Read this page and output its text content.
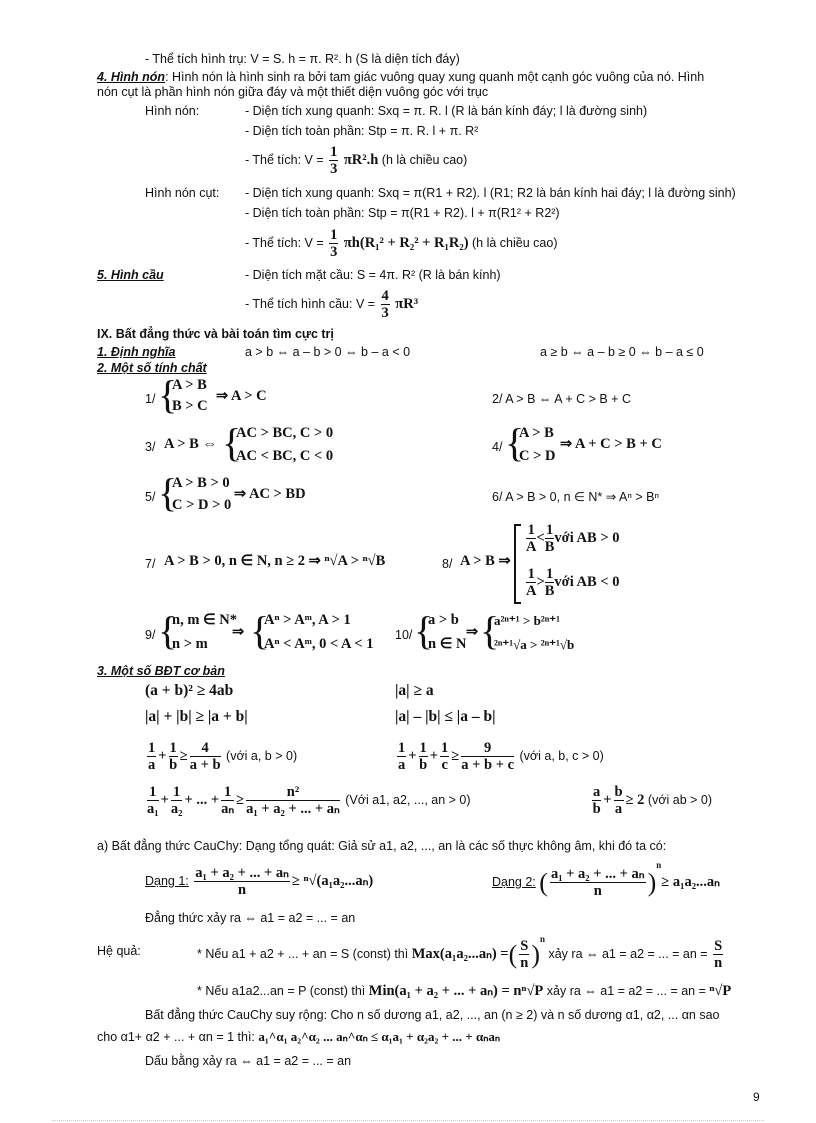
- Thể tích hình trụ: V = S. h = π. R². h (S là diện tích đáy)
4. Hình nón: Hình nón là hình sinh ra bởi tam giác vuông quay xung quanh một cạnh góc vuông của nó. Hình
nón cụt là phần hình nón giữa đáy và một thiết diện vuông góc với trục
Hình nón:	- Diện tích xung quanh: Sxq = π. R. l (R là bán kính đáy; l là đường sinh)
- Diện tích toàn phần: Stp = π. R. l + π. R²
- Thể tích: $V = \frac{1}{3} \pi R^2.h$ (h là chiều cao)
Hình nón cụt: - Diện tích xung quanh: Sxq = π(R1 + R2). l (R1; R2 là bán kính hai đáy; l là đường sinh)
- Diện tích toàn phần: Stp = π(R1 + R2). l + π(R1² + R2²)
- Thể tích: $V = \frac{1}{3} \pi h(R_1^2 + R_2^2 + R_1R_2)$ (h là chiều cao)
5. Hình cầu	- Diện tích mặt cầu: S = 4π. R² (R là bán kính)
- Thể tích hình cầu: $V = \frac{4}{3} \pi R^3$
IX. Bất đẳng thức và bài toán tìm cực trị
1. Định nghĩa	a > b ⇔ a – b > 0 ⇔ b – a < 0	a ≥ b ⇔ a – b ≥ 0 ⇔ b – a ≤ 0
2. Một số tính chất
1/ {
A > B
B > C
⇒ A > C	2/ A > B ⇔ A + C > B + C
3/ A > B ⇔ {
AC > BC, C > 0
AC < BC, C < 0
4/ {
A > B
C > D
⇒ A + C > B + C
5/ {
A > B > 0
C > D > 0
⇒ AC > BD	6/ A > B > 0, n ∈ N* ⇒ Aⁿ > Bⁿ
7/ A > B > 0, n ∈ N, n ≥ 2 ⇒ ⁿ√A > ⁿ√B	8/ A > B ⇒
$\frac{1}{A} < \frac{1}{B}$ với AB > 0
$\frac{1}{A} > \frac{1}{B}$ với AB < 0
9/ {
n, m ∈ N*
n > m
⇒ {
Aⁿ > Aᵐ, A > 1
Aⁿ < Aᵐ, 0 < A < 1
10/ {
a > b
n ∈ N
⇒ {
a²ⁿ⁺¹ > b²ⁿ⁺¹
²ⁿ⁺¹√a > ²ⁿ⁺¹√b
3. Một số BĐT cơ bản
(a + b)² ≥ 4ab	|a| ≥ a
|a| + |b| ≥ |a + b|	|a| – |b| ≤ |a – b|
$\frac{1}{a} + \frac{1}{b} \ge \frac{4}{a + b}$ (với a, b > 0)	$\frac{1}{a} + \frac{1}{b} + \frac{1}{c} \ge \frac{9}{a + b + c}$ (với a, b, c > 0)
$\frac{1}{\text{a₁}} + \frac{1}{\text{a₂}}$ + ... + $\frac{1}{\text{aₙ}} \ge \frac{\text{n²}}{\text{a₁ + a₂ + ... + aₙ}}$ (Với a1, a2, ..., an > 0)	$\frac{a}{b} + \frac{b}{a} \ge 2$ (với ab > 0)
a) Bất đẳng thức CauChy: Dạng tổng quát: Giả sử a1, a2, ..., an là các số thực không âm, khi đó ta có:
Dạng 1: $\frac{\text{a₁ + a₂ + ... + aₙ}}{n} \ge ^n√(a_1a_2...a_n)$	Dạng 2: ( $\frac{\text{a₁ + a₂ + ... + aₙ}}{n} )^n\ge a_1a_2...a_n$
Đẳng thức xảy ra ⇔ a1 = a2 = ... = an
Hệ quả:	* Nếu a1 + a2 + ... + an = S (const) thì Max(a₁a₂...aₙ) =( $\frac{S}{n} )^n$ xảy ra ⇔ a1 = a2 = ... = an = $\frac{S}{n}$
* Nếu a1a2...an = P (const) thì Min(a₁ + a₂ + ... + aₙ) = nⁿ√P xảy ra ⇔ a1 = a2 = ... = an = ⁿ√P
Bất đẳng thức CauChy suy rộng: Cho n số dương a1, a2, ..., an (n ≥ 2) và n số dương α1, α2, ... αn sao
cho α1+ α2 + ... + αn = 1 thì: a₁^α₁ a₂^α₂ ... aₙ^αₙ ≤ α₁a₁ + α₂a₂ + ... + αₙaₙ
Dấu bằng xảy ra ⇔ a1 = a2 = ... = an
9
